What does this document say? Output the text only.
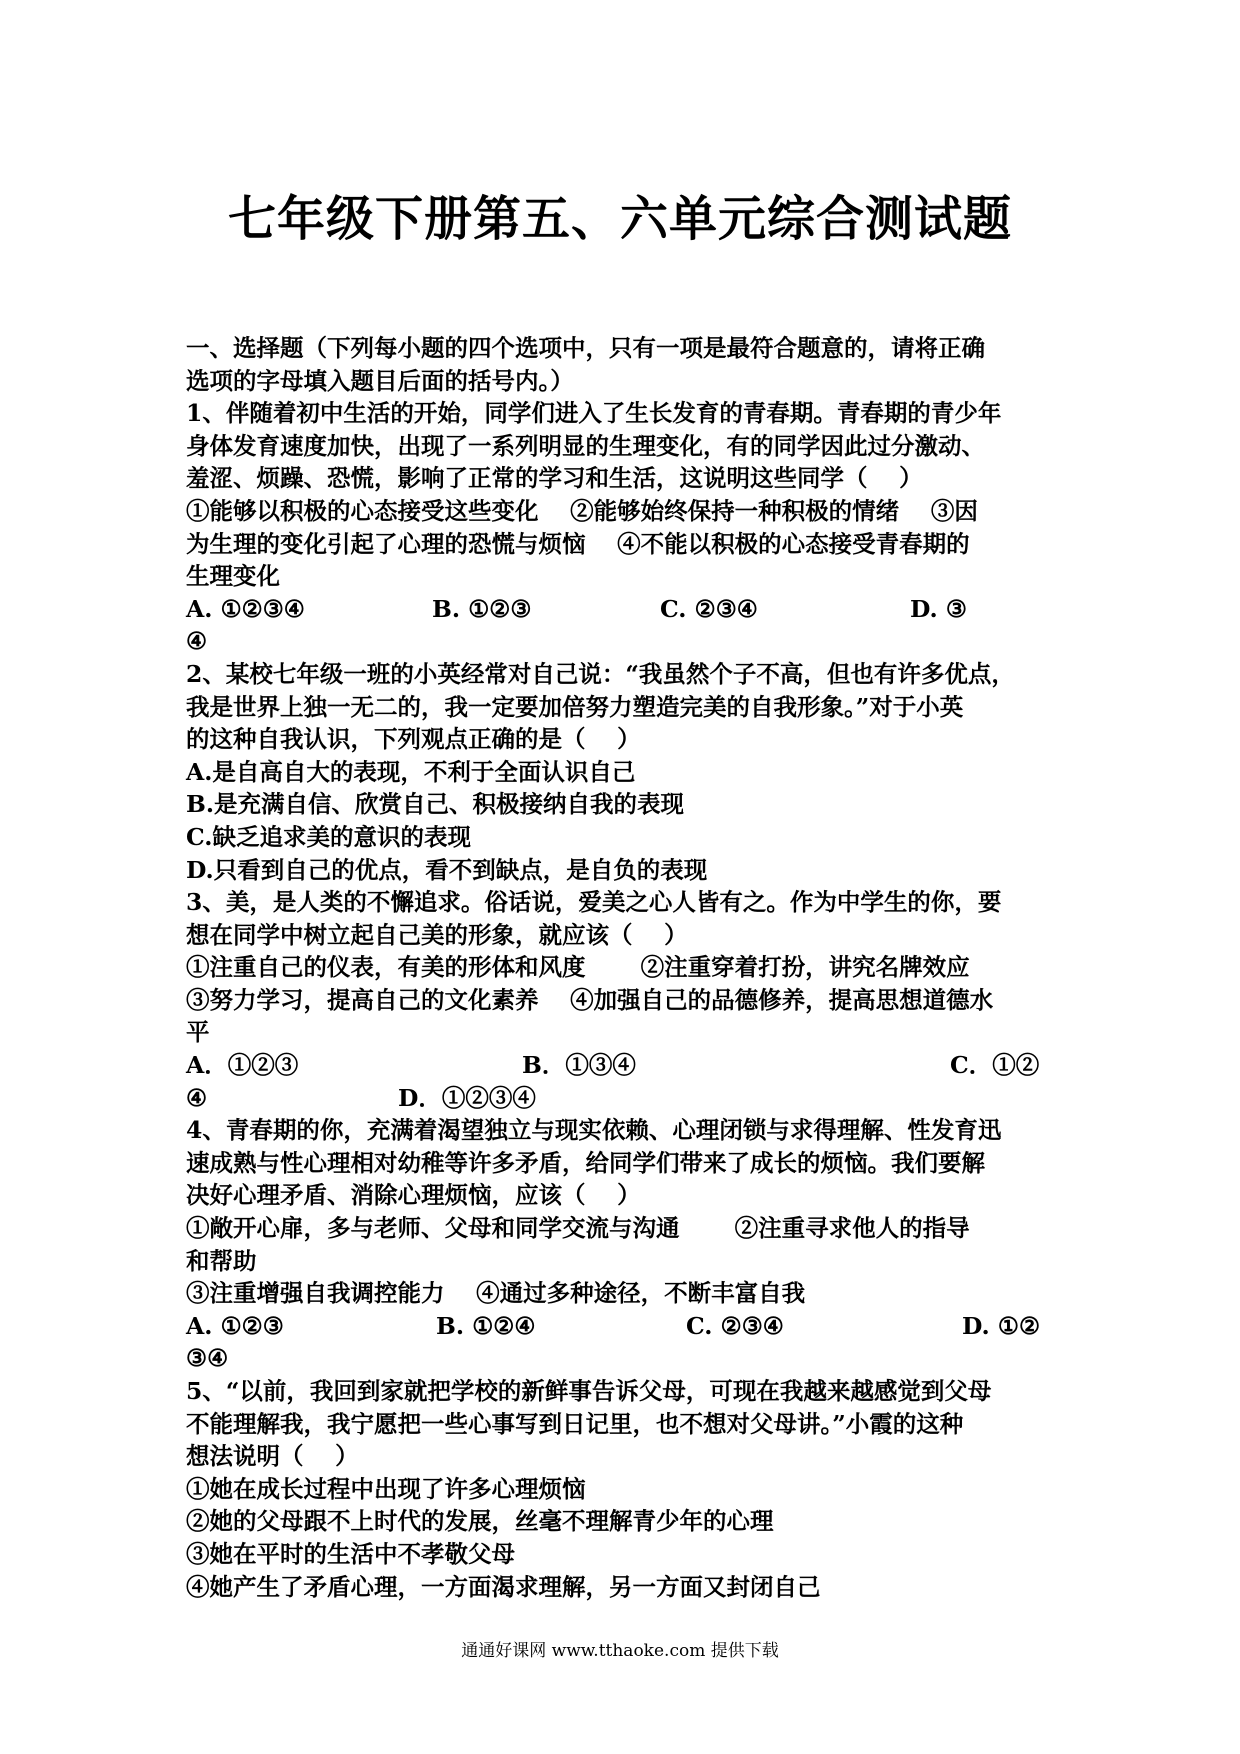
七年级下册第五、六单元综合测试题
一、选择题（下列每小题的四个选项中，只有一项是最符合题意的，请将正确
选项的字母填入题目后面的括号内。）
1、伴随着初中生活的开始，同学们进入了生长发育的青春期。青春期的青少年
身体发育速度加快，出现了一系列明显的生理变化，有的同学因此过分激动、
羞涩、烦躁、恐慌，影响了正常的学习和生活，这说明这些同学（　 ）
①能够以积极的心态接受这些变化　 ②能够始终保持一种积极的情绪　 ③因
为生理的变化引起了心理的恐慌与烦恼　 ④不能以积极的心态接受青春期的
生理变化
A. ①②③④	B. ①②③	C. ②③④	D. ③
④
2、某校七年级一班的小英经常对自己说：“我虽然个子不高，但也有许多优点，
我是世界上独一无二的，我一定要加倍努力塑造完美的自我形象。”对于小英
的这种自我认识，下列观点正确的是（　 ）
A.是自高自大的表现，不利于全面认识自己
B.是充满自信、欣赏自己、积极接纳自我的表现
C.缺乏追求美的意识的表现
D.只看到自己的优点，看不到缺点，是自负的表现
3、美，是人类的不懈追求。俗话说，爱美之心人皆有之。作为中学生的你，要
想在同学中树立起自己美的形象，就应该（　 ）
①注重自己的仪表，有美的形体和风度　　 ②注重穿着打扮，讲究名牌效应
③努力学习，提高自己的文化素养　 ④加强自己的品德修养，提高思想道德水
平
A．①②③	B．①③④	C．①②
④	D．①②③④
4、青春期的你，充满着渴望独立与现实依赖、心理闭锁与求得理解、性发育迅
速成熟与性心理相对幼稚等许多矛盾，给同学们带来了成长的烦恼。我们要解
决好心理矛盾、消除心理烦恼，应该（　 ）
①敞开心扉，多与老师、父母和同学交流与沟通　　 ②注重寻求他人的指导
和帮助
③注重增强自我调控能力　 ④通过多种途径，不断丰富自我
A. ①②③	B. ①②④	C. ②③④	D. ①②
③④
5、“以前，我回到家就把学校的新鲜事告诉父母，可现在我越来越感觉到父母
不能理解我，我宁愿把一些心事写到日记里，也不想对父母讲。”小霞的这种
想法说明（　 ）
①她在成长过程中出现了许多心理烦恼
②她的父母跟不上时代的发展，丝毫不理解青少年的心理
③她在平时的生活中不孝敬父母
④她产生了矛盾心理，一方面渴求理解，另一方面又封闭自己
通通好课网 www.tthaoke.com 提供下载
